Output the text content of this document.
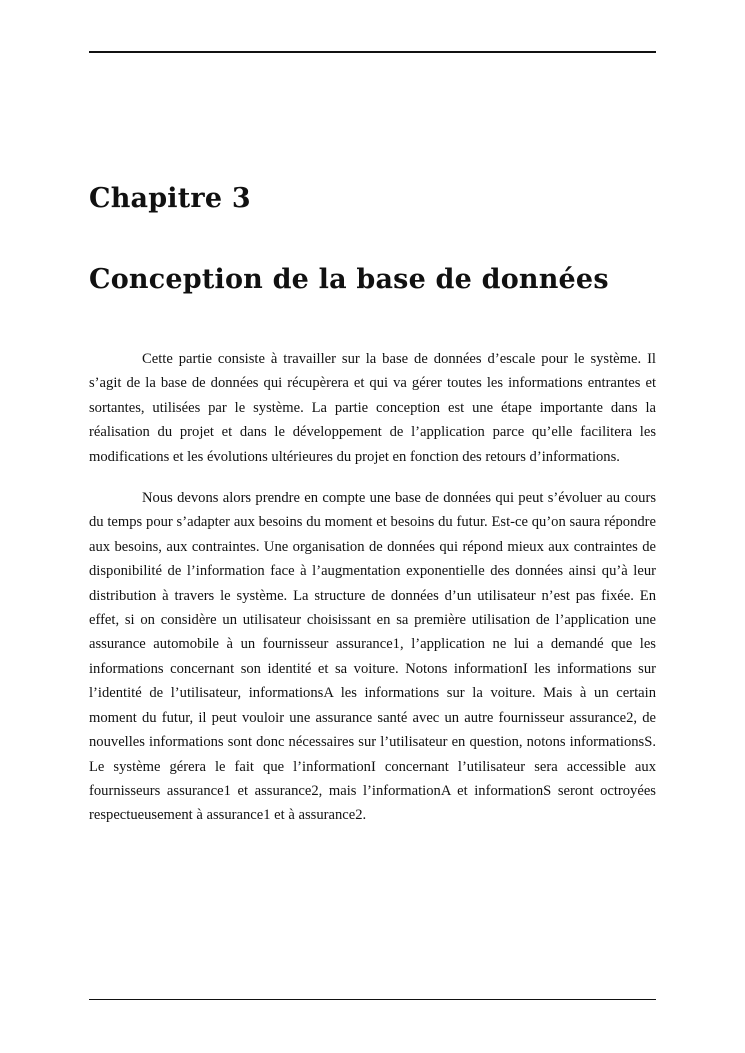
Chapitre 3
Conception de la base de données

Cette partie consiste à travailler sur la base de données d’escale pour le système. Il s’agit de la base de données qui récupèrera et qui va gérer toutes les informations entrantes et sortantes, utilisées par le système. La partie conception est une étape importante dans la réalisation du projet et dans le développement de l’application parce qu’elle facilitera les modifications et les évolutions ultérieures du projet en fonction des retours d’informations.

Nous devons alors prendre en compte une base de données qui peut s’évoluer au cours du temps pour s’adapter aux besoins du moment et besoins du futur. Est-ce qu’on saura répondre aux besoins, aux contraintes. Une organisation de données qui répond mieux aux contraintes de disponibilité de l’information face à l’augmentation exponentielle des données ainsi qu’à leur distribution à travers le système. La structure de données d’un utilisateur n’est pas fixée. En effet, si on considère un utilisateur choisissant en sa première utilisation de l’application une assurance automobile à un fournisseur assurance1, l’application ne lui a demandé que les informations concernant son identité et sa voiture. Notons informationI les informations sur l’identité de l’utilisateur, informationsA les informations sur la voiture. Mais à un certain moment du futur, il peut vouloir une assurance santé avec un autre fournisseur assurance2, de nouvelles informations sont donc nécessaires sur l’utilisateur en question, notons informationsS. Le système gérera le fait que l’informationI concernant l’utilisateur sera accessible aux fournisseurs assurance1 et assurance2, mais l’informationA et informationS seront octroyées respectueusement à assurance1 et à assurance2.
